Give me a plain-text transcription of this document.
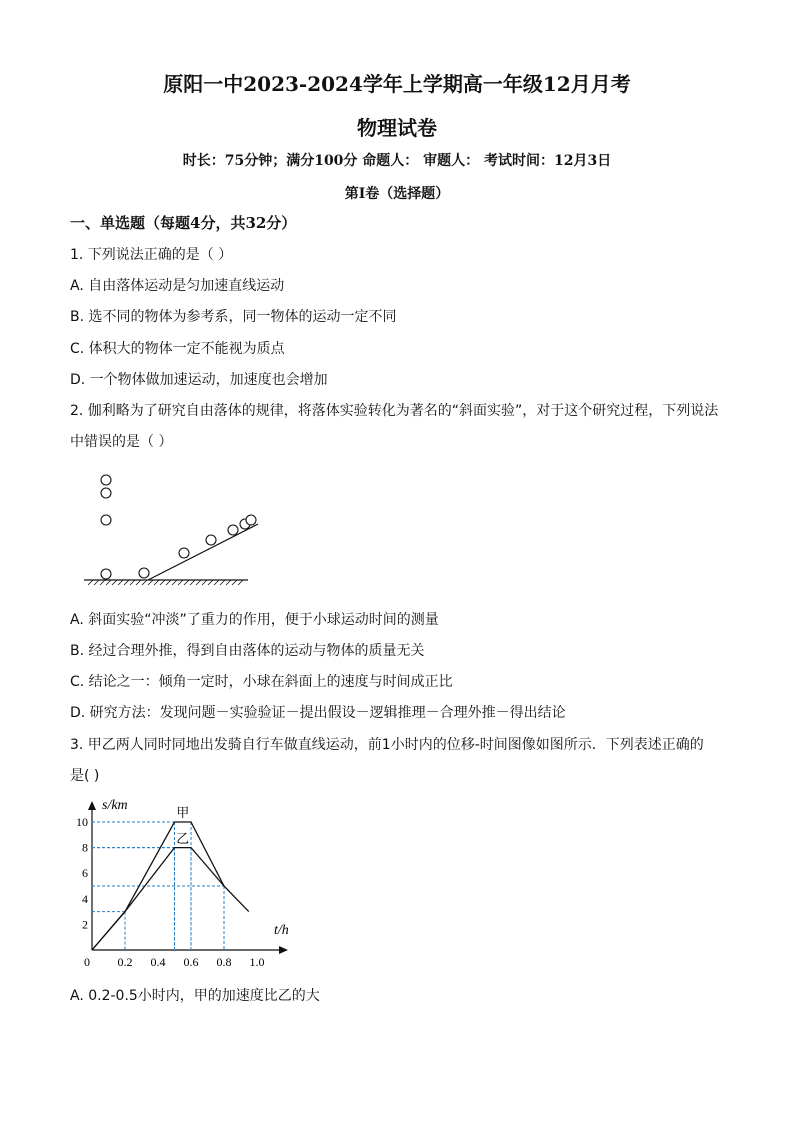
原阳一中2023-2024学年上学期高一年级12月月考
物理试卷
时长：75分钟；满分100分 命题人： 审题人： 考试时间：12月3日
第I卷（选择题）
一、单选题（每题4分，共32分）
1. 下列说法正确的是（ ）
A. 自由落体运动是匀加速直线运动
B. 选不同的物体为参考系，同一物体的运动一定不同
C. 体积大的物体一定不能视为质点
D. 一个物体做加速运动，加速度也会增加
2. 伽利略为了研究自由落体的规律，将落体实验转化为著名的“斜面实验”，对于这个研究过程，下列说法
中错误的是（ ）
A. 斜面实验“冲淡”了重力的作用，便于小球运动时间的测量
B. 经过合理外推，得到自由落体的运动与物体的质量无关
C. 结论之一：倾角一定时，小球在斜面上的速度与时间成正比
D. 研究方法：发现问题－实验验证－提出假设－逻辑推理－合理外推－得出结论
3. 甲乙两人同时同地出发骑自行车做直线运动，前1小时内的位移-时间图像如图所示．下列表述正确的
是( )
s/km
t/h
2
4
6
8
10
0 0.2 0.4 0.6 0.8 1.0
甲
乙
A. 0.2-0.5小时内，甲的加速度比乙的大
